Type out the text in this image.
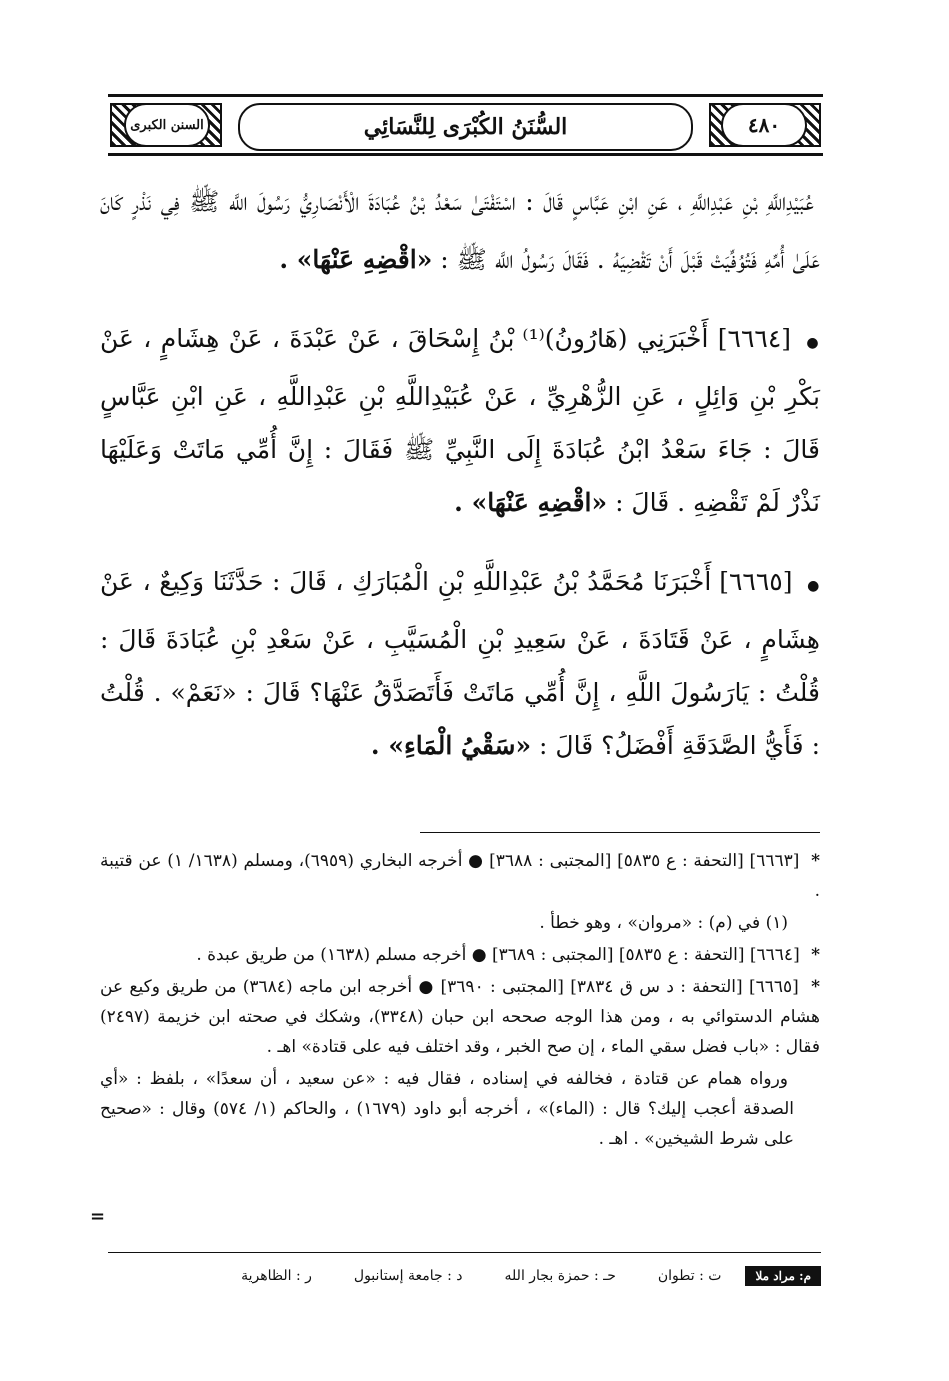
السنن الكبرى	السُّنَنُ الكُبْرَى لِلنَّسَائِي	٤٨٠

عُبَيْدِاللَّهِ بْنِ عَبْدِاللَّهِ ، عَنِ ابْنِ عَبَّاسٍ قَالَ : اسْتَفْتَىٰ سَعْدُ بْنُ عُبَادَةَ الْأَنْصَارِيُّ رَسُولَ اللَّه ﷺ فِي نَذْرٍ كَانَ عَلَىٰ أُمِّهِ فَتُوُفِّيَتْ قَبْلَ أَنْ تَقْضِيَهُ . فَقَالَ رَسُولُ اللَّه ﷺ : «اقْضِهِ عَنْهَا» .

● [٦٦٦٤] أَخْبَرَنِي (هَارُونُ)⁽¹⁾ بْنُ إِسْحَاقَ ، عَنْ عَبْدَةَ ، عَنْ هِشَامٍ ، عَنْ بَكْرِ بْنِ وَائِلٍ ، عَنِ الزُّهْرِيِّ ، عَنْ عُبَيْدِاللَّهِ بْنِ عَبْدِاللَّهِ ، عَنِ ابْنِ عَبَّاسٍ قَالَ : جَاءَ سَعْدُ ابْنُ عُبَادَةَ إِلَى النَّبِيِّ ﷺ فَقَالَ : إِنَّ أُمِّي مَاتَتْ وَعَلَيْهَا نَذْرٌ لَمْ تَقْضِهِ . قَالَ : «اقْضِهِ عَنْهَا» .

● [٦٦٦٥] أَخْبَرَنَا مُحَمَّدُ بْنُ عَبْدِاللَّهِ بْنِ الْمُبَارَكِ ، قَالَ : حَدَّثَنَا وَكِيعٌ ، عَنْ هِشَامٍ ، عَنْ قَتَادَةَ ، عَنْ سَعِيدِ بْنِ الْمُسَيَّبِ ، عَنْ سَعْدِ بْنِ عُبَادَةَ قَالَ : قُلْتُ : يَارَسُولَ اللَّهِ ، إِنَّ أُمِّي مَاتَتْ فَأَتَصَدَّقُ عَنْهَا؟ قَالَ : «نَعَمْ» . قُلْتُ : فَأَيُّ الصَّدَقَةِ أَفْضَلُ؟ قَالَ : «سَقْيُ الْمَاءِ» .

* [٦٦٦٣] [التحفة : ع ٥٨٣٥] [المجتبى : ٣٦٨٨] ● أخرجه البخاري (٦٩٥٩)، ومسلم (١٦٣٨/ ١) عن قتيبة .

(١) في (م) : «مروان» ، وهو خطأ .

* [٦٦٦٤] [التحفة : ع ٥٨٣٥] [المجتبى : ٣٦٨٩] ● أخرجه مسلم (١٦٣٨) من طريق عبدة .

* [٦٦٦٥] [التحفة : د س ق ٣٨٣٤] [المجتبى : ٣٦٩٠] ● أخرجه ابن ماجه (٣٦٨٤) من طريق وكيع عن هشام الدستوائي به ، ومن هذا الوجه صححه ابن حبان (٣٣٤٨)، وشكك في صحته ابن خزيمة (٢٤٩٧) فقال : «باب فضل سقي الماء ، إن صح الخبر ، وقد اختلف فيه على قتادة» اهـ .

ورواه همام عن قتادة ، فخالفه في إسناده ، فقال فيه : «عن سعيد ، أن سعدًا» ، بلفظ : «أي الصدقة أعجب إليك؟ قال : (الماء)» ، أخرجه أبو داود (١٦٧٩) ، والحاكم (١/ ٥٧٤) وقال : «صحيح على شرط الشيخين» . اهـ .

=
م: مراد ملا
ت : تطوان
حـ : حمزة بجار الله
د : جامعة إستانبول
ر : الظاهرية
